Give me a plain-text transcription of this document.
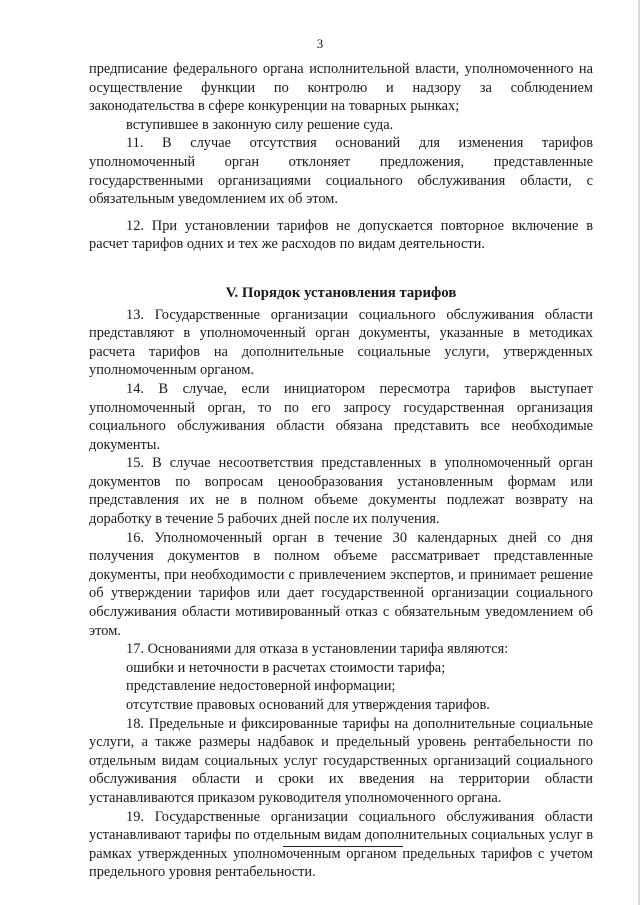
3

предписание федерального органа исполнительной власти, уполномоченного на осуществление функции по контролю и надзору за соблюдением законодательства в сфере конкуренции на товарных рынках;

вступившее в законную силу решение суда.

11. В случае отсутствия оснований для изменения тарифов уполномоченный орган отклоняет предложения, представленные государственными организациями социального обслуживания области, с обязательным уведомлением их об этом.

12. При установлении тарифов не допускается повторное включение в расчет тарифов одних и тех же расходов по видам деятельности.

V. Порядок установления тарифов

13. Государственные организации социального обслуживания области представляют в уполномоченный орган документы, указанные в методиках расчета тарифов на дополнительные социальные услуги, утвержденных уполномоченным органом.

14. В случае, если инициатором пересмотра тарифов выступает уполномоченный орган, то по его запросу государственная организация социального обслуживания области обязана представить все необходимые документы.

15. В случае несоответствия представленных в уполномоченный орган документов по вопросам ценообразования установленным формам или представления их не в полном объеме документы подлежат возврату на доработку в течение 5 рабочих дней после их получения.

16. Уполномоченный орган в течение 30 календарных дней со дня получения документов в полном объеме рассматривает представленные документы, при необходимости с привлечением экспертов, и принимает решение об утверждении тарифов или дает государственной организации социального обслуживания области мотивированный отказ с обязательным уведомлением об этом.

17. Основаниями для отказа в установлении тарифа являются:

ошибки и неточности в расчетах стоимости тарифа;

представление недостоверной информации;

отсутствие правовых оснований для утверждения тарифов.

18. Предельные и фиксированные тарифы на дополнительные социальные услуги, а также размеры надбавок и предельный уровень рентабельности по отдельным видам социальных услуг государственных организаций социального обслуживания области и сроки их введения на территории области устанавливаются приказом руководителя уполномоченного органа.

19. Государственные организации социального обслуживания области устанавливают тарифы по отдельным видам дополнительных социальных услуг в рамках утвержденных уполномоченным органом предельных тарифов с учетом предельного уровня рентабельности.
